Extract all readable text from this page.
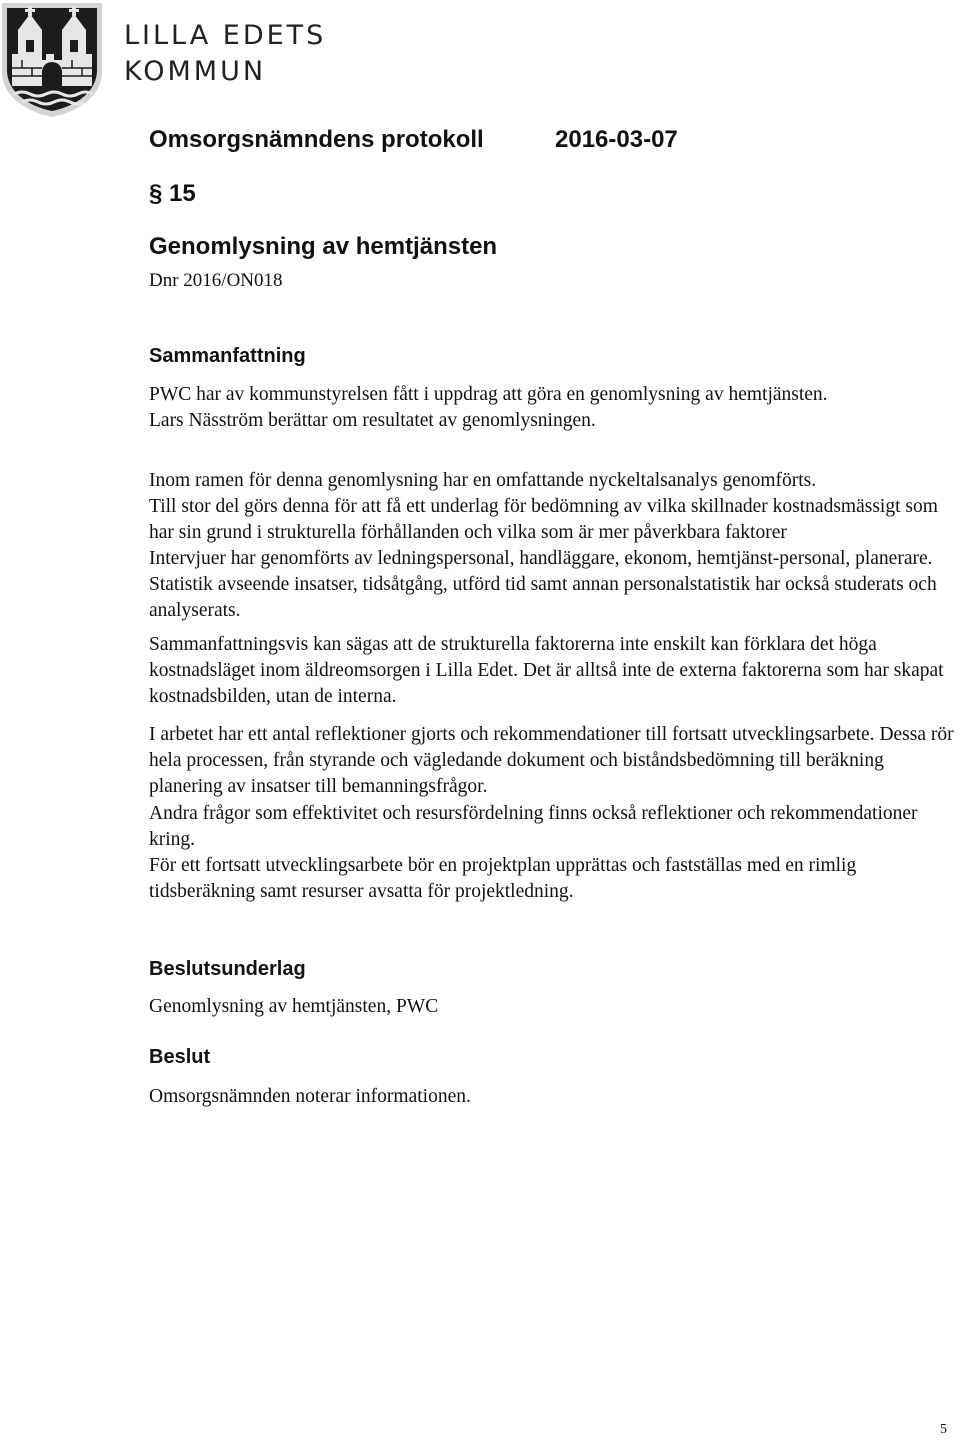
LILLA EDETS
KOMMUN
Omsorgsnämndens protokoll	2016-03-07
§ 15
Genomlysning av hemtjänsten
Dnr 2016/ON018
Sammanfattning

PWC har av kommunstyrelsen fått i uppdrag att göra en genomlysning av hemtjänsten.

Lars Näsström berättar om resultatet av genomlysningen.

Inom ramen för denna genomlysning har en omfattande nyckeltalsanalys genomförts.

Till stor del görs denna för att få ett underlag för bedömning av vilka skillnader kostnadsmässigt som har sin grund i strukturella förhållanden och vilka som är mer påverkbara faktorer

Intervjuer har genomförts av ledningspersonal, handläggare, ekonom, hemtjänst-personal, planerare.

Statistik avseende insatser, tidsåtgång, utförd tid samt annan personalstatistik har också studerats och analyserats.

Sammanfattningsvis kan sägas att de strukturella faktorerna inte enskilt kan förklara det höga kostnadsläget inom äldreomsorgen i Lilla Edet. Det är alltså inte de externa faktorerna som har skapat kostnadsbilden, utan de interna.

I arbetet har ett antal reflektioner gjorts och rekommendationer till fortsatt utvecklingsarbete. Dessa rör hela processen, från styrande och vägledande dokument och biståndsbedömning till beräkning planering av insatser till bemanningsfrågor.

Andra frågor som effektivitet och resursfördelning finns också reflektioner och rekommendationer kring.

För ett fortsatt utvecklingsarbete bör en projektplan upprättas och fastställas med en rimlig tidsberäkning samt resurser avsatta för projektledning.

Beslutsunderlag
Genomlysning av hemtjänsten, PWC
Beslut
Omsorgsnämnden noterar informationen.
5
